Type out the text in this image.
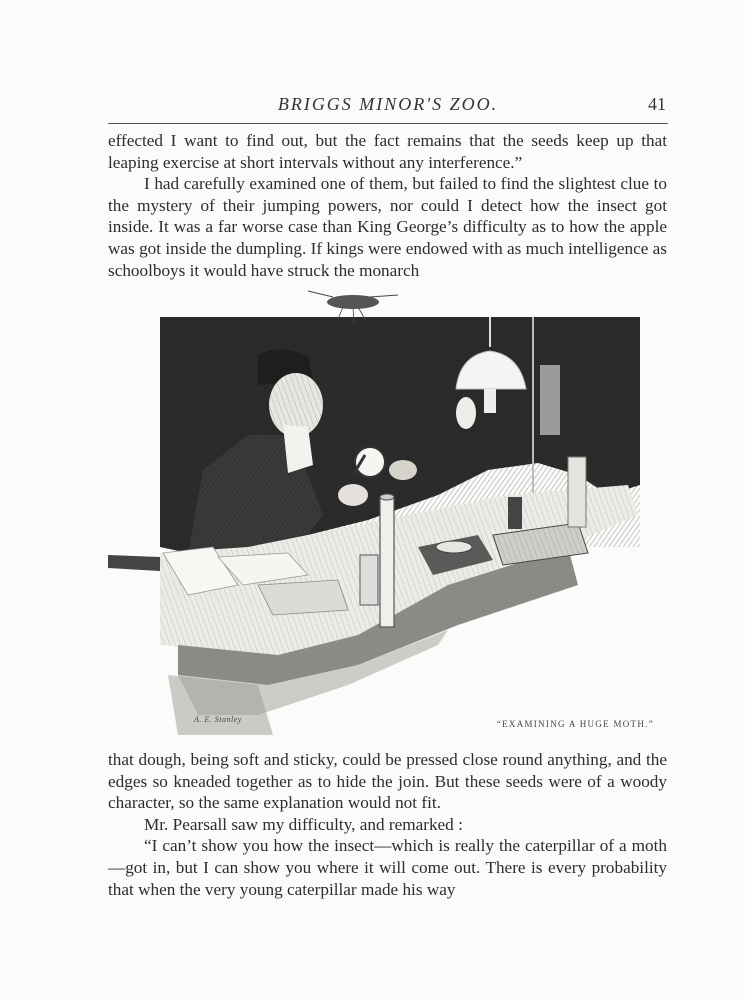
BRIGGS MINOR'S ZOO.	41

effected I want to find out, but the fact remains that the seeds keep up that leaping exercise at short intervals without any interference.”

I had carefully examined one of them, but failed to find the slightest clue to the mystery of their jumping powers, nor could I detect how the insect got inside. It was a far worse case than King George’s difficulty as to how the apple was got inside the dumpling. If kings were endowed with as much intelligence as schoolboys it would have struck the monarch

A. E. Stanley	“EXAMINING A HUGE MOTH.”

that dough, being soft and sticky, could be pressed close round anything, and the edges so kneaded together as to hide the join. But these seeds were of a woody character, so the same explanation would not fit.

Mr. Pearsall saw my difficulty, and remarked :

“I can’t show you how the insect—which is really the caterpillar of a moth—got in, but I can show you where it will come out. There is every probability that when the very young caterpillar made his way
